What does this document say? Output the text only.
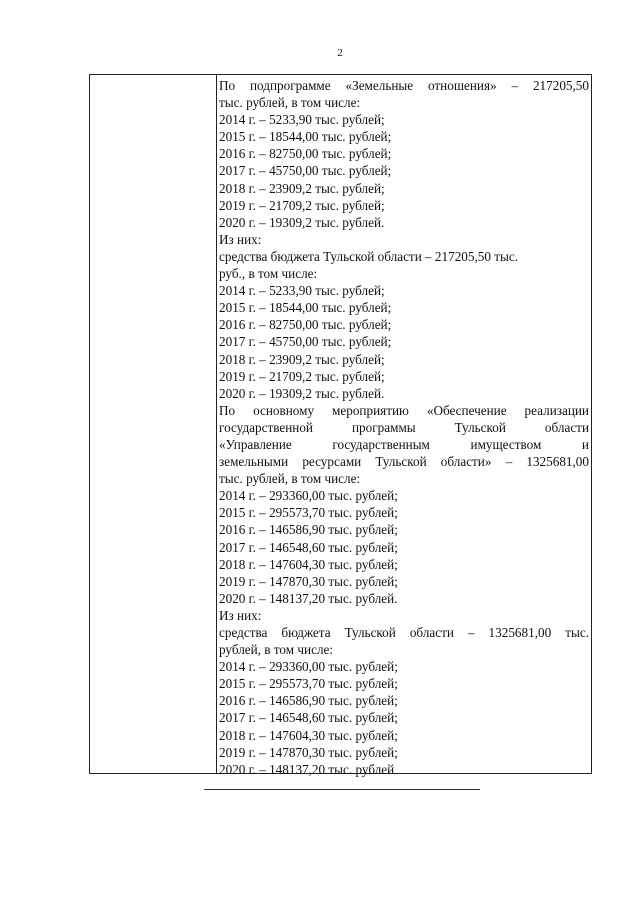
2
По подпрограмме «Земельные отношения» – 217205,50
тыс. рублей, в том числе:
2014 г. – 5233,90 тыс. рублей;
2015 г. – 18544,00 тыс. рублей;
2016 г. – 82750,00 тыс. рублей;
2017 г. – 45750,00 тыс. рублей;
2018 г. – 23909,2 тыс. рублей;
2019 г. – 21709,2 тыс. рублей;
2020 г. – 19309,2 тыс. рублей.
Из них:
средства бюджета Тульской области – 217205,50 тыс.
руб., в том числе:
2014 г. – 5233,90 тыс. рублей;
2015 г. – 18544,00 тыс. рублей;
2016 г. – 82750,00 тыс. рублей;
2017 г. – 45750,00 тыс. рублей;
2018 г. – 23909,2 тыс. рублей;
2019 г. – 21709,2 тыс. рублей;
2020 г. – 19309,2 тыс. рублей.
По основному мероприятию «Обеспечение реализации
государственной программы Тульской области
«Управление государственным имуществом и
земельными ресурсами Тульской области» – 1325681,00
тыс. рублей, в том числе:
2014 г. – 293360,00 тыс. рублей;
2015 г. – 295573,70 тыс. рублей;
2016 г. – 146586,90 тыс. рублей;
2017 г. – 146548,60 тыс. рублей;
2018 г. – 147604,30 тыс. рублей;
2019 г. – 147870,30 тыс. рублей;
2020 г. – 148137,20 тыс. рублей.
Из них:
средства бюджета Тульской области – 1325681,00 тыс.
рублей, в том числе:
2014 г. – 293360,00 тыс. рублей;
2015 г. – 295573,70 тыс. рублей;
2016 г. – 146586,90 тыс. рублей;
2017 г. – 146548,60 тыс. рублей;
2018 г. – 147604,30 тыс. рублей;
2019 г. – 147870,30 тыс. рублей;
2020 г. – 148137,20 тыс. рублей
